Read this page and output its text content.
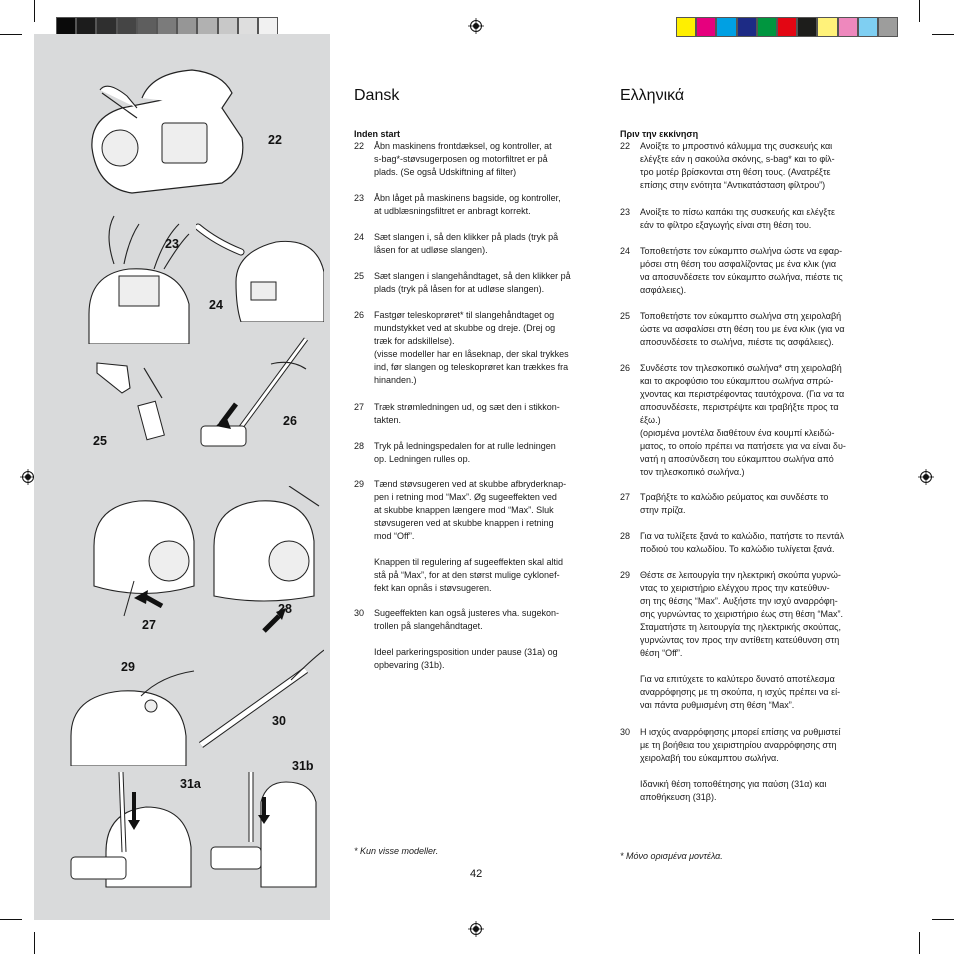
22
23
24
25
26
27
28
29
30
31a
31b
Dansk
Inden start
22 Åbn maskinens frontdæksel, og kontroller, at
s-bag*-støvsugerposen og motorfiltret er på
plads. (Se også Udskiftning af filter)
23 Åbn låget på maskinens bagside, og kontroller,
at udblæsningsfiltret er anbragt korrekt.
24 Sæt slangen i, så den klikker på plads (tryk på
låsen for at udløse slangen).
25 Sæt slangen i slangehåndtaget, så den klikker på
plads (tryk på låsen for at udløse slangen).
26 Fastgør teleskoprøret* til slangehåndtaget og
mundstykket ved at skubbe og dreje. (Drej og
træk for adskillelse).
(visse modeller har en låseknap, der skal trykkes
ind, før slangen og teleskoprøret kan trækkes fra
hinanden.)
27 Træk strømledningen ud, og sæt den i stikkon-
takten.
28 Tryk på ledningspedalen for at rulle ledningen
op. Ledningen rulles op.
29 Tænd støvsugeren ved at skubbe afbryderknap-
pen i retning mod “Max”. Øg sugeeffekten ved
at skubbe knappen længere mod “Max”. Sluk
støvsugeren ved at skubbe knappen i retning
mod “Off”.
Knappen til regulering af sugeeffekten skal altid
stå på “Max”, for at den størst mulige cyklonef-
fekt kan opnås i støvsugeren.
30 Sugeeffekten kan også justeres vha. sugekon-
trollen på slangehåndtaget.
Ideel parkeringsposition under pause (31a) og
opbevaring (31b).
* Kun visse modeller.
Ελληνικά
Πριν την εκκίνηση
22 Ανοίξτε το μπροστινό κάλυμμα της συσκευής και
ελέγξτε εάν η σακούλα σκόνης, s-bag* και το φίλ-
τρο μοτέρ βρίσκονται στη θέση τους. (Ανατρέξτε
επίσης στην ενότητα “Αντικατάσταση φίλτρου”)
23 Ανοίξτε το πίσω καπάκι της συσκευής και ελέγξτε
εάν το φίλτρο εξαγωγής είναι στη θέση του.
24 Τοποθετήστε τον εύκαμπτο σωλήνα ώστε να εφαρ-
μόσει στη θέση του ασφαλίζοντας με ένα κλικ (για
να αποσυνδέσετε τον εύκαμπτο σωλήνα, πιέστε τις
ασφάλειες).
25 Τοποθετήστε τον εύκαμπτο σωλήνα στη χειρολαβή
ώστε να ασφαλίσει στη θέση του με ένα κλικ (για να
αποσυνδέσετε το σωλήνα, πιέστε τις ασφάλειες).
26 Συνδέστε τον τηλεσκοπικό σωλήνα* στη χειρολαβή
και το ακροφύσιο του εύκαμπτου σωλήνα σπρώ-
χνοντας και περιστρέφοντας ταυτόχρονα. (Για να τα
αποσυνδέσετε, περιστρέψτε και τραβήξτε προς τα
έξω.)
(ορισμένα μοντέλα διαθέτουν ένα κουμπί κλειδώ-
ματος, το οποίο πρέπει να πατήσετε για να είναι δυ-
νατή η αποσύνδεση του εύκαμπτου σωλήνα από
τον τηλεσκοπικό σωλήνα.)
27 Τραβήξτε το καλώδιο ρεύματος και συνδέστε το
στην πρίζα.
28 Για να τυλίξετε ξανά το καλώδιο, πατήστε το πεντάλ
ποδιού του καλωδίου. Το καλώδιο τυλίγεται ξανά.
29 Θέστε σε λειτουργία την ηλεκτρική σκούπα γυρνώ-
ντας το χειριστήριο ελέγχου προς την κατεύθυν-
ση της θέσης “Max”. Αυξήστε την ισχύ αναρρόφη-
σης γυρνώντας το χειριστήριο έως στη θέση “Max”.
Σταματήστε τη λειτουργία της ηλεκτρικής σκούπας,
γυρνώντας τον προς την αντίθετη κατεύθυνση στη
θέση “Off”.
Για να επιτύχετε το καλύτερο δυνατό αποτέλεσμα
αναρρόφησης με τη σκούπα, η ισχύς πρέπει να εί-
ναι πάντα ρυθμισμένη στη θέση “Max”.
30 Η ισχύς αναρρόφησης μπορεί επίσης να ρυθμιστεί
με τη βοήθεια του χειριστηρίου αναρρόφησης στη
χειρολαβή του εύκαμπτου σωλήνα.
Ιδανική θέση τοποθέτησης για παύση (31α) και
αποθήκευση (31β).
* Μόνο ορισμένα μοντέλα.
42
